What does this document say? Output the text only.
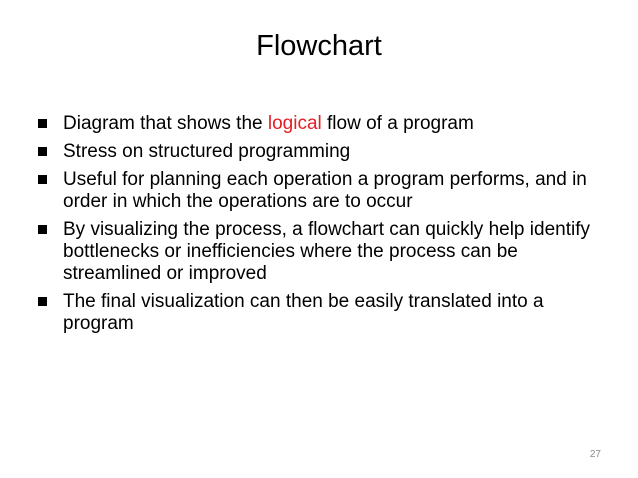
Flowchart
Diagram that shows the logical flow of a program
Stress on structured programming
Useful for planning each operation a program performs, and in order in which the operations are to occur
By visualizing the process, a flowchart can quickly help identify bottlenecks or inefficiencies where the process can be streamlined or improved
The final visualization can then be easily translated into a program
27
